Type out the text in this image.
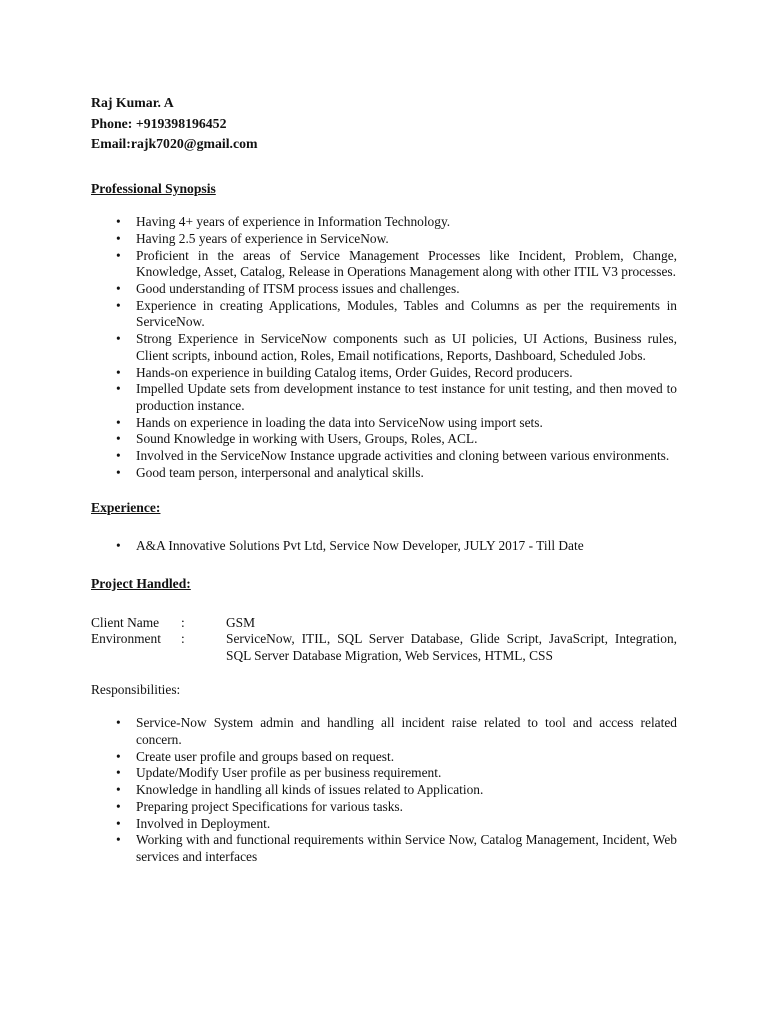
Raj Kumar. A
Phone: +919398196452
Email:rajk7020@gmail.com
Professional Synopsis
• Having 4+ years of experience in Information Technology.
• Having 2.5 years of experience in ServiceNow.
• Proficient in the areas of Service Management Processes like Incident, Problem, Change, Knowledge, Asset, Catalog, Release in Operations Management along with other ITIL V3 processes.
• Good understanding of ITSM process issues and challenges.
• Experience in creating Applications, Modules, Tables and Columns as per the requirements in ServiceNow.
• Strong Experience in ServiceNow components such as UI policies, UI Actions, Business rules, Client scripts, inbound action, Roles, Email notifications, Reports, Dashboard, Scheduled Jobs.
• Hands-on experience in building Catalog items, Order Guides, Record producers.
• Impelled Update sets from development instance to test instance for unit testing, and then moved to production instance.
• Hands on experience in loading the data into ServiceNow using import sets.
• Sound Knowledge in working with Users, Groups, Roles, ACL.
• Involved in the ServiceNow Instance upgrade activities and cloning between various environments.
• Good team person, interpersonal and analytical skills.
Experience:
• A&A Innovative Solutions Pvt Ltd, Service Now Developer, JULY 2017 - Till Date
Project Handled:
Client Name :	GSM
Environment :	ServiceNow, ITIL, SQL Server Database, Glide Script, JavaScript, Integration, SQL Server Database Migration, Web Services, HTML, CSS
Responsibilities:
• Service-Now System admin and handling all incident raise related to tool and access related concern.
• Create user profile and groups based on request.
• Update/Modify User profile as per business requirement.
• Knowledge in handling all kinds of issues related to Application.
• Preparing project Specifications for various tasks.
• Involved in Deployment.
• Working with and functional requirements within Service Now, Catalog Management, Incident, Web services and interfaces
